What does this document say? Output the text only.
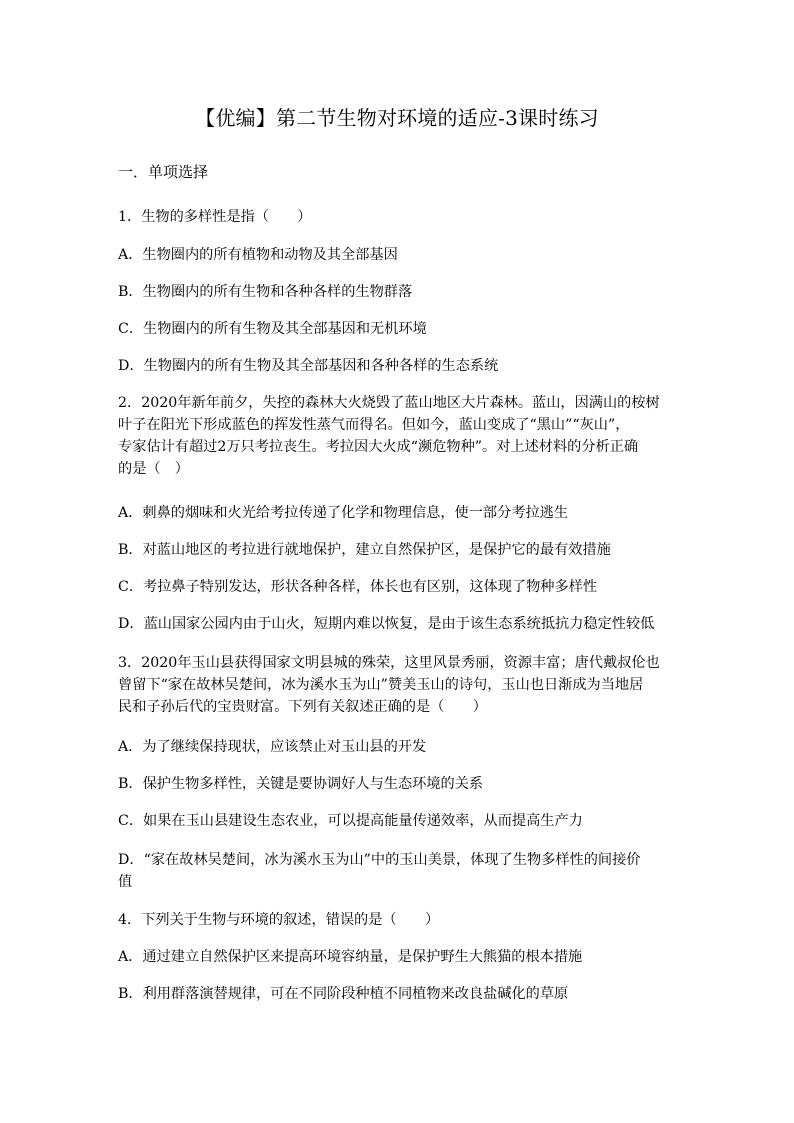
【优编】第二节生物对环境的适应-3课时练习
一．单项选择
1．生物的多样性是指（　　）
A．生物圈内的所有植物和动物及其全部基因
B．生物圈内的所有生物和各种各样的生物群落
C．生物圈内的所有生物及其全部基因和无机环境
D．生物圈内的所有生物及其全部基因和各种各样的生态系统
2．2020年新年前夕，失控的森林大火烧毁了蓝山地区大片森林。蓝山，因满山的桉树
叶子在阳光下形成蓝色的挥发性蒸气而得名。但如今，蓝山变成了“黑山”“灰山”，
专家估计有超过2万只考拉丧生。考拉因大火成“濒危物种”。对上述材料的分析正确
的是（　）
A．刺鼻的烟味和火光给考拉传递了化学和物理信息，使一部分考拉逃生
B．对蓝山地区的考拉进行就地保护，建立自然保护区，是保护它的最有效措施
C．考拉鼻子特别发达，形状各种各样，体长也有区别，这体现了物种多样性
D．蓝山国家公园内由于山火，短期内难以恢复，是由于该生态系统抵抗力稳定性较低
3．2020年玉山县获得国家文明县城的殊荣，这里风景秀丽，资源丰富；唐代戴叔伦也
曾留下“家在故林吴楚间，冰为溪水玉为山”赞美玉山的诗句，玉山也日渐成为当地居
民和子孙后代的宝贵财富。下列有关叙述正确的是（　　）
A．为了继续保持现状，应该禁止对玉山县的开发
B．保护生物多样性，关键是要协调好人与生态环境的关系
C．如果在玉山县建设生态农业，可以提高能量传递效率，从而提高生产力
D．“家在故林吴楚间，冰为溪水玉为山”中的玉山美景，体现了生物多样性的间接价
值
4．下列关于生物与环境的叙述，错误的是（　　）
A．通过建立自然保护区来提高环境容纳量，是保护野生大熊猫的根本措施
B．利用群落演替规律，可在不同阶段种植不同植物来改良盐碱化的草原
